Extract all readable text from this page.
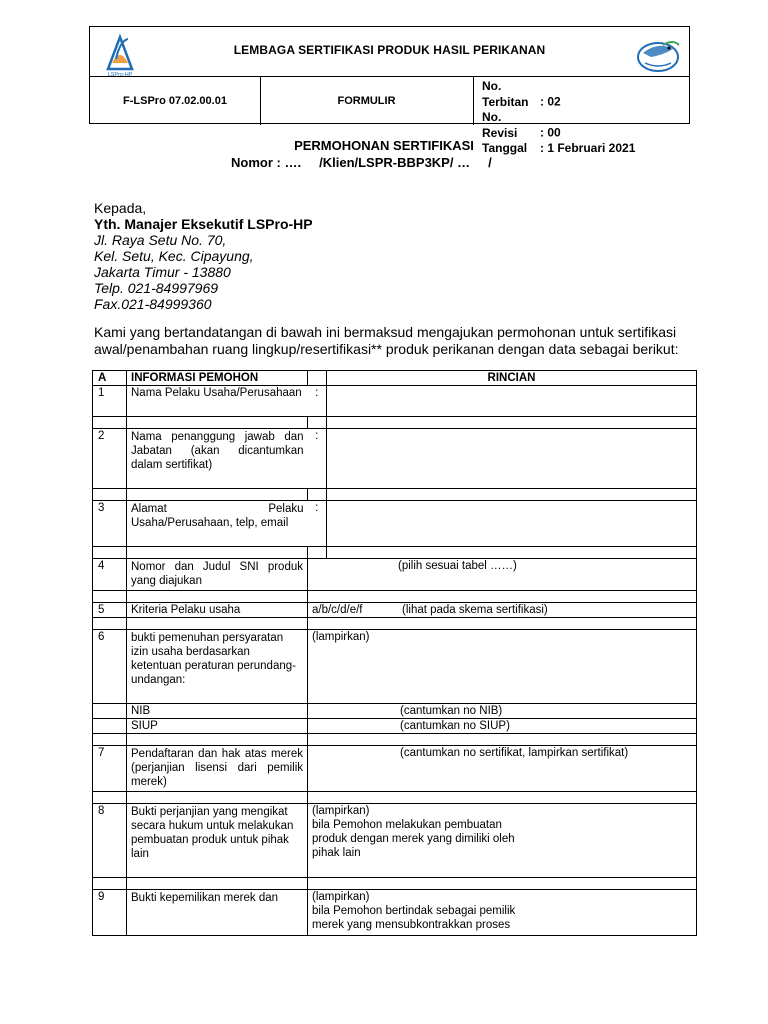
LSPro-HP
LEMBAGA SERTIFIKASI PRODUK HASIL PERIKANAN
F-LSPro 07.02.00.01	FORMULIR
No. Terbitan : 02
No. Revisi : 00
Tanggal : 1 Februari 2021
PERMOHONAN SERTIFIKASI
Nomor : ….     /Klien/LSPR-BBP3KP/ …     /
Kepada,
Yth. Manajer Eksekutif LSPro-HP
Jl. Raya Setu No. 70,
Kel. Setu, Kec. Cipayung,
Jakarta Timur - 13880
Telp. 021-84997969
Fax.021-84999360
Kami yang bertandatangan di bawah ini bermaksud mengajukan permohonan untuk sertifikasi awal/penambahan ruang lingkup/resertifikasi** produk perikanan dengan data sebagai berikut:
A	INFORMASI PEMOHON		RINCIAN
1	Nama Pelaku Usaha/Perusahaan	:	

2	Nama penanggung jawab dan Jabatan (akan dicantumkan dalam sertifikat)	:	

3	Alamat Pelaku Usaha/Perusahaan, telp, email	:	

4	Nomor dan Judul SNI produk yang diajukan	(pilih sesuai tabel ……)	

5	Kriteria Pelaku usaha	a/b/c/d/e/f (lihat pada skema sertifikasi)	

6	bukti pemenuhan persyaratan izin usaha berdasarkan ketentuan peraturan perundang-undangan:	(lampirkan)	
	NIB	(cantumkan no NIB)	
	SIUP	(cantumkan no SIUP)	

7	Pendaftaran dan hak atas merek (perjanjian lisensi dari pemilik merek)	(cantumkan no sertifikat, lampirkan sertifikat)	

8	Bukti perjanjian yang mengikat secara hukum untuk melakukan pembuatan produk untuk pihak lain	(lampirkan)
bila Pemohon melakukan pembuatan produk dengan merek yang dimiliki oleh pihak lain	

9	Bukti kepemilikan merek dan	(lampirkan)
bila Pemohon bertindak sebagai pemilik merek yang mensubkontrakkan proses	
